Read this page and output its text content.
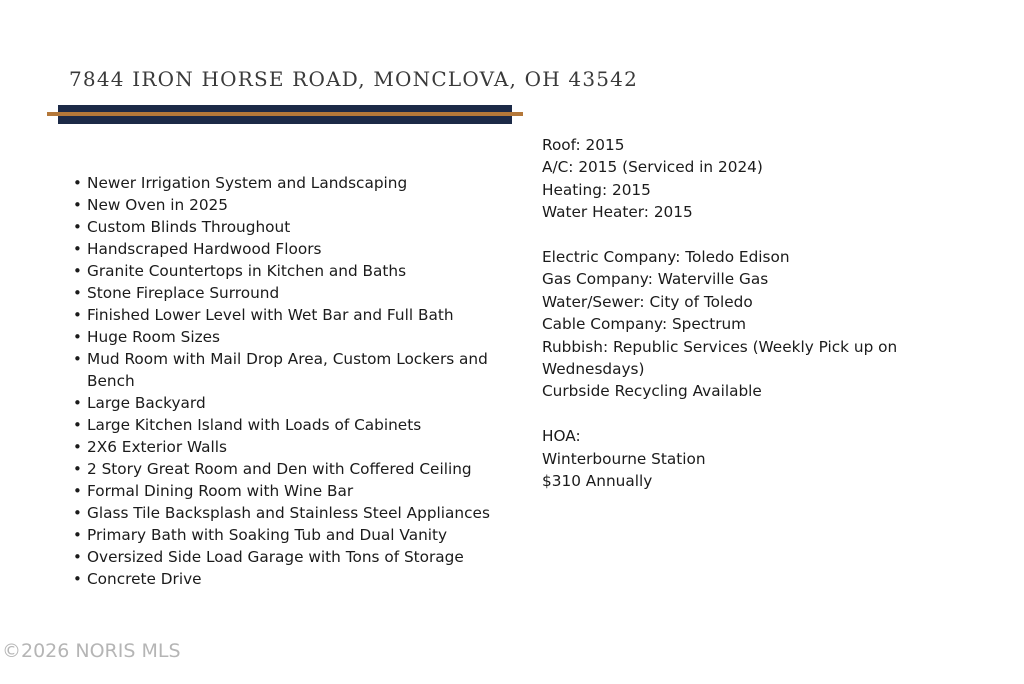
7844 IRON HORSE ROAD, MONCLOVA, OH 43542
• Newer Irrigation System and Landscaping
• New Oven in 2025
• Custom Blinds Throughout
• Handscraped Hardwood Floors
• Granite Countertops in Kitchen and Baths
• Stone Fireplace Surround
• Finished Lower Level with Wet Bar and Full Bath
• Huge Room Sizes
• Mud Room with Mail Drop Area, Custom Lockers and Bench
• Large Backyard
• Large Kitchen Island with Loads of Cabinets
• 2X6 Exterior Walls
• 2 Story Great Room and Den with Coffered Ceiling
• Formal Dining Room with Wine Bar
• Glass Tile Backsplash and Stainless Steel Appliances
• Primary Bath with Soaking Tub and Dual Vanity
• Oversized Side Load Garage with Tons of Storage
• Concrete Drive
Roof: 2015
A/C: 2015 (Serviced in 2024)
Heating: 2015
Water Heater: 2015
Electric Company: Toledo Edison
Gas Company: Waterville Gas
Water/Sewer: City of Toledo
Cable Company: Spectrum
Rubbish: Republic Services (Weekly Pick up on Wednesdays)
Curbside Recycling Available
HOA:
Winterbourne Station
$310 Annually
©2026 NORIS MLS
